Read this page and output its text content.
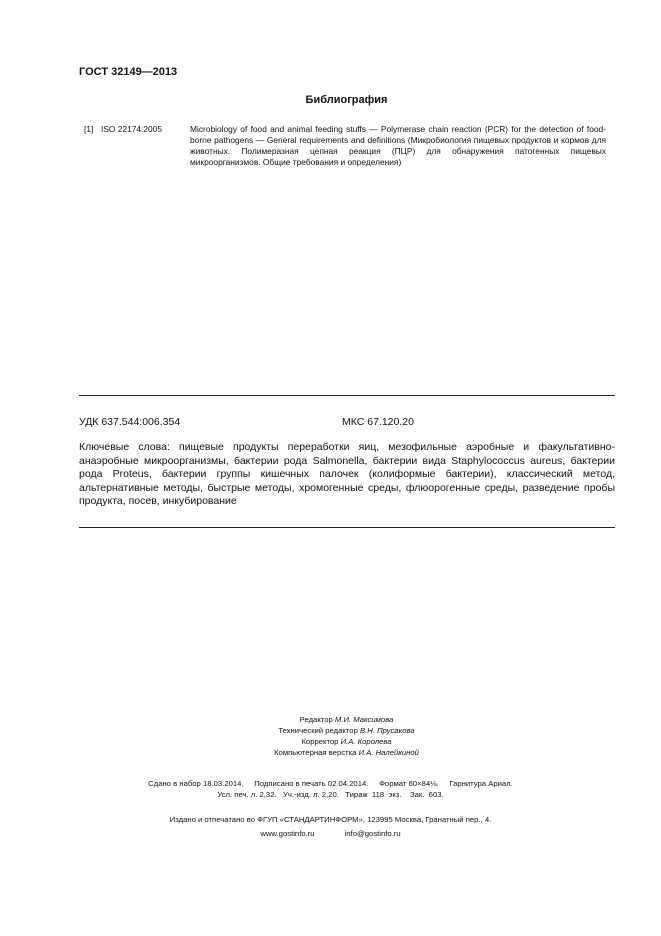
ГОСТ 32149—2013
Библиография
[1] ISO 22174:2005	Microbiology of food and animal feeding stuffs — Polymerase chain reaction (PCR) for the detection of food-borne pathogens — General requirements and definitions (Микробиология пищевых продуктов и кормов для животных. Полимеразная цепная реакция (ПЦР) для обнаружения патогенных пищевых микроорганизмов. Общие требования и определения)
УДК 637.544:006.354	МКС 67.120.20
Ключевые слова: пищевые продукты переработки яиц, мезофильные аэробные и факультативно-анаэробные микроорганизмы, бактерии рода Salmonella, бактерии вида Staphylococcus aureus, бактерии рода Proteus, бактерии группы кишечных палочек (колиформые бактерии), классический метод, альтернативные методы, быстрые методы, хромогенные среды, флюорогенные среды, разведение пробы продукта, посев, инкубирование
Редактор М.И. Максимова
Технический редактор В.Н. Прусакова
Корректор И.А. Королева
Компьютерная верстка И.А. Налейкиной
Сдано в набор 18.03.2014.     Подписано в печать 02.04.2014.     Формат 60×84⅛.     Гарнитура Ариал.
Усл. печ. л. 2,32.   Уч.-изд. л. 2,20.   Тираж  118  экз.    Зак.  603.
Издано и отпечатано во ФГУП «СТАНДАРТИНФОРМ», 123995 Москва, Гранатный пер., 4.
www.gostinfo.ru	info@gostinfo.ru
